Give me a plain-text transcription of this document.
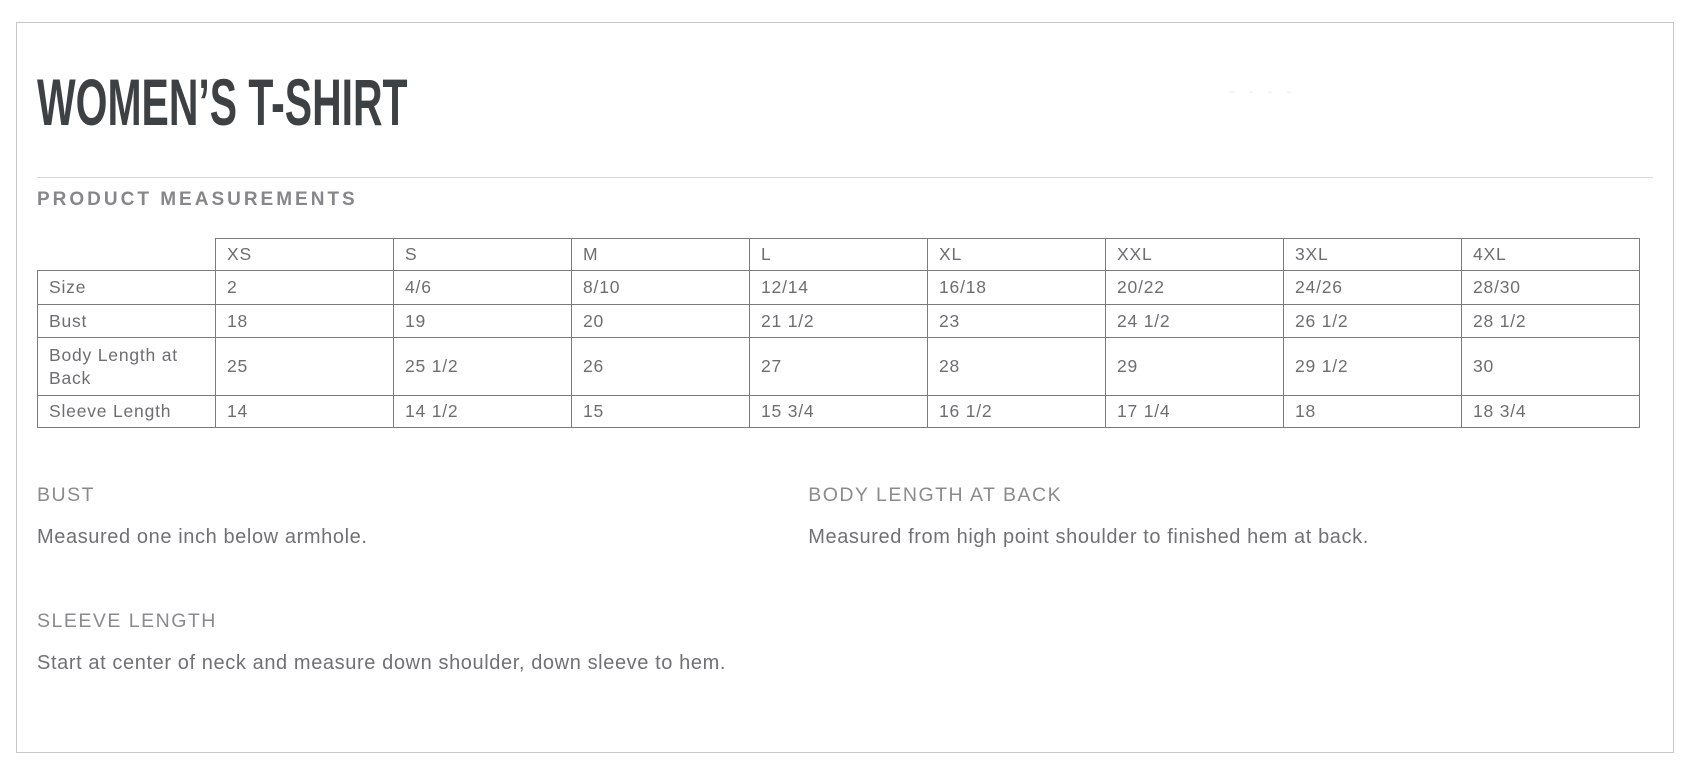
- - - -
WOMEN’S T-SHIRT
PRODUCT MEASUREMENTS
	XS	S	M	L	XL	XXL	3XL	4XL
Size	2	4/6	8/10	12/14	16/18	20/22	24/26	28/30
Bust	18	19	20	21 1/2	23	24 1/2	26 1/2	28 1/2
Body Length at Back	25	25 1/2	26	27	28	29	29 1/2	30
Sleeve Length	14	14 1/2	15	15 3/4	16 1/2	17 1/4	18	18 3/4
BUST

Measured one inch below armhole.

SLEEVE LENGTH

Start at center of neck and measure down shoulder, down sleeve to hem.

BODY LENGTH AT BACK

Measured from high point shoulder to finished hem at back.
